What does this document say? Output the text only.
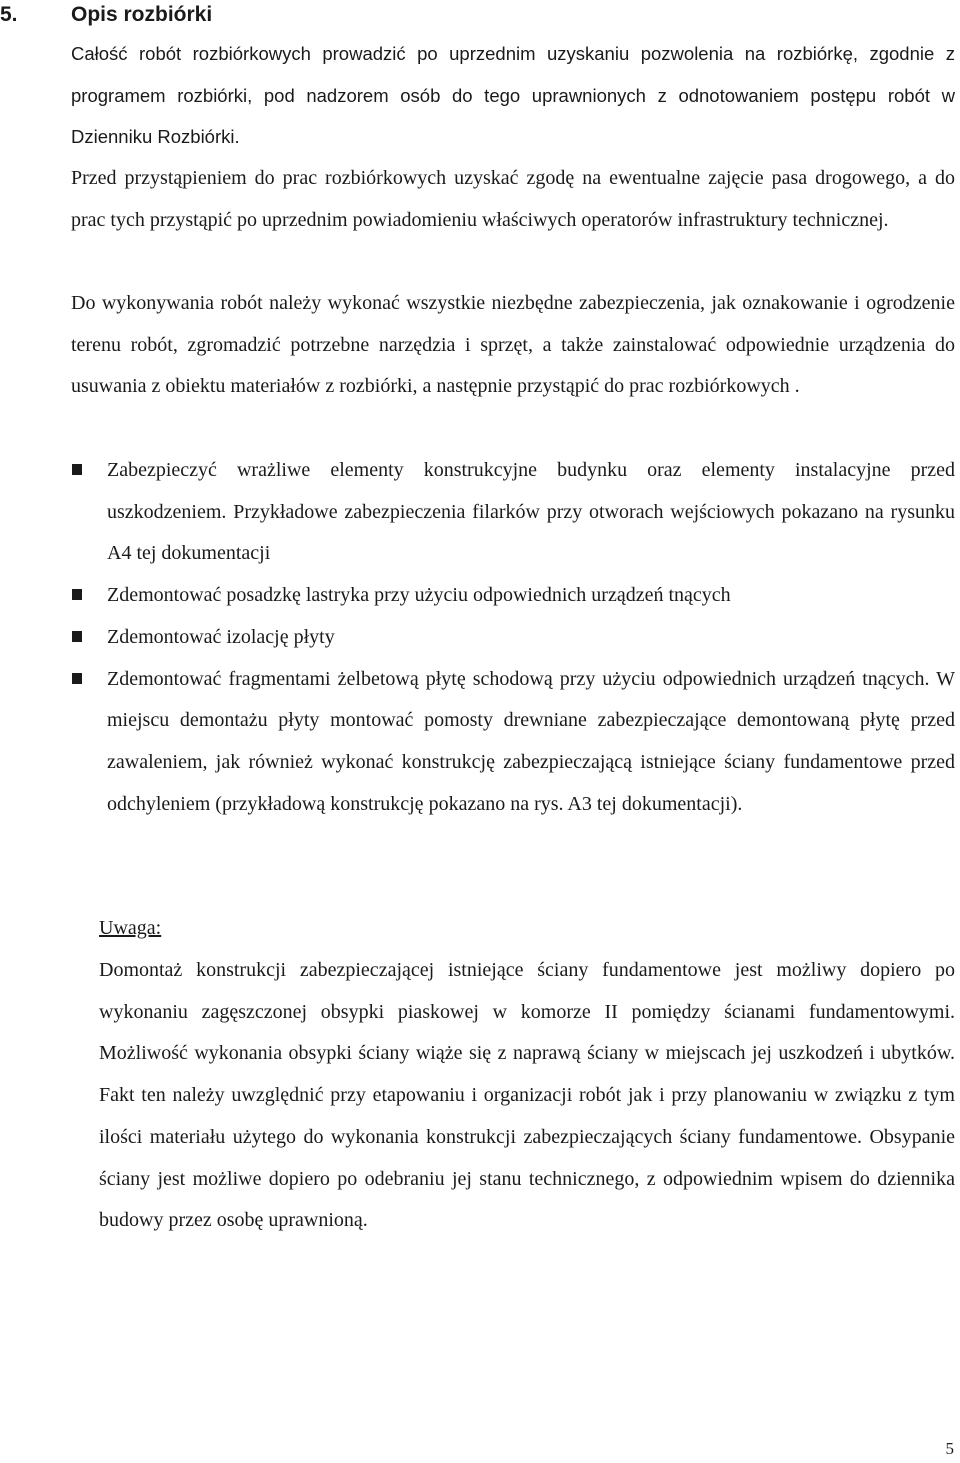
5.	Opis rozbiórki

Całość robót rozbiórkowych prowadzić po uprzednim uzyskaniu pozwolenia na rozbiórkę, zgodnie z programem rozbiórki, pod nadzorem osób do tego uprawnionych z odnotowaniem postępu robót w Dzienniku Rozbiórki.

Przed przystąpieniem do prac rozbiórkowych uzyskać zgodę na ewentualne zajęcie pasa drogowego, a do prac tych przystąpić po uprzednim powiadomieniu właściwych operatorów infrastruktury technicznej.

Do wykonywania robót należy wykonać wszystkie niezbędne zabezpieczenia, jak oznakowanie i ogrodzenie terenu robót, zgromadzić potrzebne narzędzia i sprzęt, a także zainstalować odpowiednie urządzenia do usuwania z obiektu materiałów z rozbiórki, a następnie przystąpić do prac rozbiórkowych .

Zabezpieczyć wrażliwe elementy konstrukcyjne budynku oraz elementy instalacyjne przed uszkodzeniem. Przykładowe zabezpieczenia filarków przy otworach wejściowych pokazano na rysunku A4 tej dokumentacji
Zdemontować posadzkę lastryka przy użyciu odpowiednich urządzeń tnących
Zdemontować izolację płyty
Zdemontować fragmentami żelbetową płytę schodową przy użyciu odpowiednich urządzeń tnących. W miejscu demontażu płyty montować pomosty drewniane zabezpieczające demontowaną płytę przed zawaleniem, jak również wykonać konstrukcję zabezpieczającą istniejące ściany fundamentowe przed odchyleniem (przykładową konstrukcję pokazano na rys. A3 tej dokumentacji).
Uwaga:

Domontaż konstrukcji zabezpieczającej istniejące ściany fundamentowe jest możliwy dopiero po wykonaniu zagęszczonej obsypki piaskowej w komorze II pomiędzy ścianami fundamentowymi. Możliwość wykonania obsypki ściany wiąże się z naprawą ściany w miejscach jej uszkodzeń i ubytków. Fakt ten należy uwzględnić przy etapowaniu i organizacji robót jak i przy planowaniu w związku z tym ilości materiału użytego do wykonania konstrukcji zabezpieczających ściany fundamentowe. Obsypanie ściany jest możliwe dopiero po odebraniu jej stanu technicznego, z odpowiednim wpisem do dziennika budowy przez osobę uprawnioną.

5
